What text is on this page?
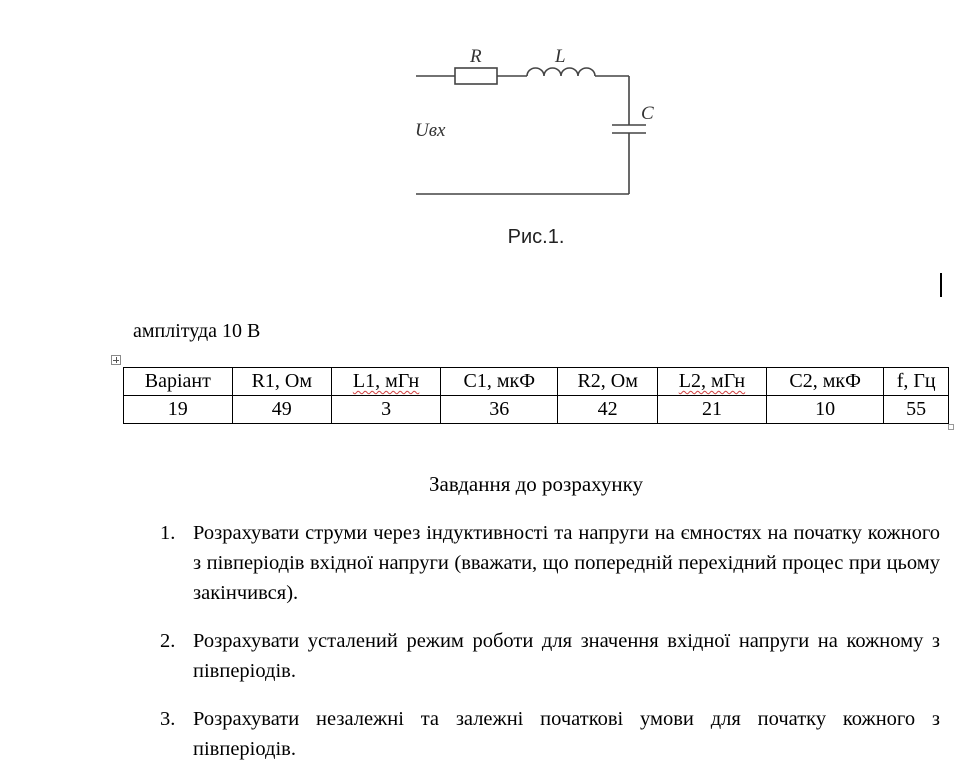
R	L
C
Uвх
Рис.1.
амплітуда 10 В
Варіант	R1, Ом	L1, мГн	C1, мкФ	R2, Ом	L2, мГн	C2, мкФ	f, Гц
19	49	3	36	42	21	10	55
Завдання до розрахунку
1. Розрахувати струми через індуктивності та напруги на ємностях на початку кожного з півперіодів вхідної напруги (вважати, що попередній перехідний процес при цьому закінчився).
2. Розрахувати усталений режим роботи для значення вхідної напруги на кожному з півперіодів.
3. Розрахувати незалежні та залежні початкові умови для початку кожного з півперіодів.
